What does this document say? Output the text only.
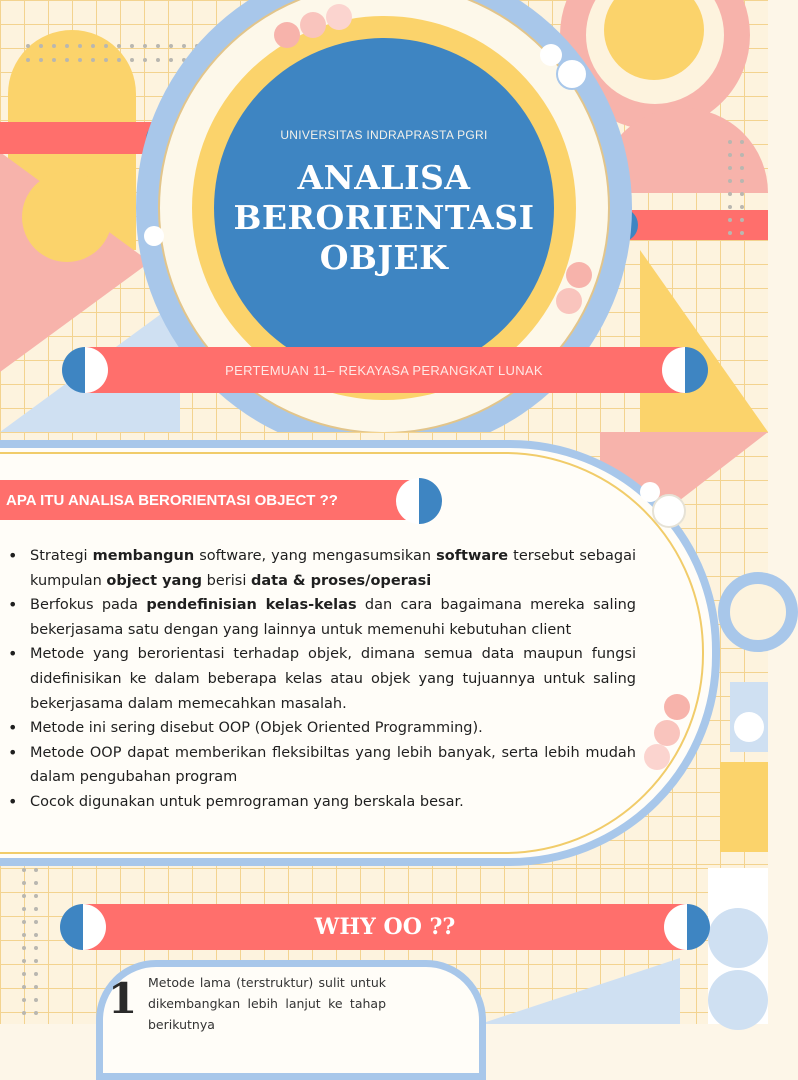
UNIVERSITAS INDRAPRASTA PGRI
ANALISA
BERORIENTASI
OBJEK
PERTEMUAN 11– REKAYASA PERANGKAT LUNAK
APA ITU ANALISA BERORIENTASI OBJECT ??
• Strategi membangun software, yang mengasumsikan software tersebut sebagai kumpulan object yang berisi data & proses/operasi
• Berfokus pada pendefinisian kelas-kelas dan cara bagaimana mereka saling bekerjasama satu dengan yang lainnya untuk memenuhi kebutuhan client
• Metode yang berorientasi terhadap objek, dimana semua data maupun fungsi didefinisikan ke dalam beberapa kelas atau objek yang tujuannya untuk saling bekerjasama dalam memecahkan masalah.
• Metode ini sering disebut OOP (Objek Oriented Programming).
• Metode OOP dapat memberikan fleksibiltas yang lebih banyak, serta lebih mudah dalam pengubahan program
• Cocok digunakan untuk pemrograman yang berskala besar.
WHY OO ??
1 Metode lama (terstruktur) sulit untuk dikembangkan lebih lanjut ke tahap berikutnya
